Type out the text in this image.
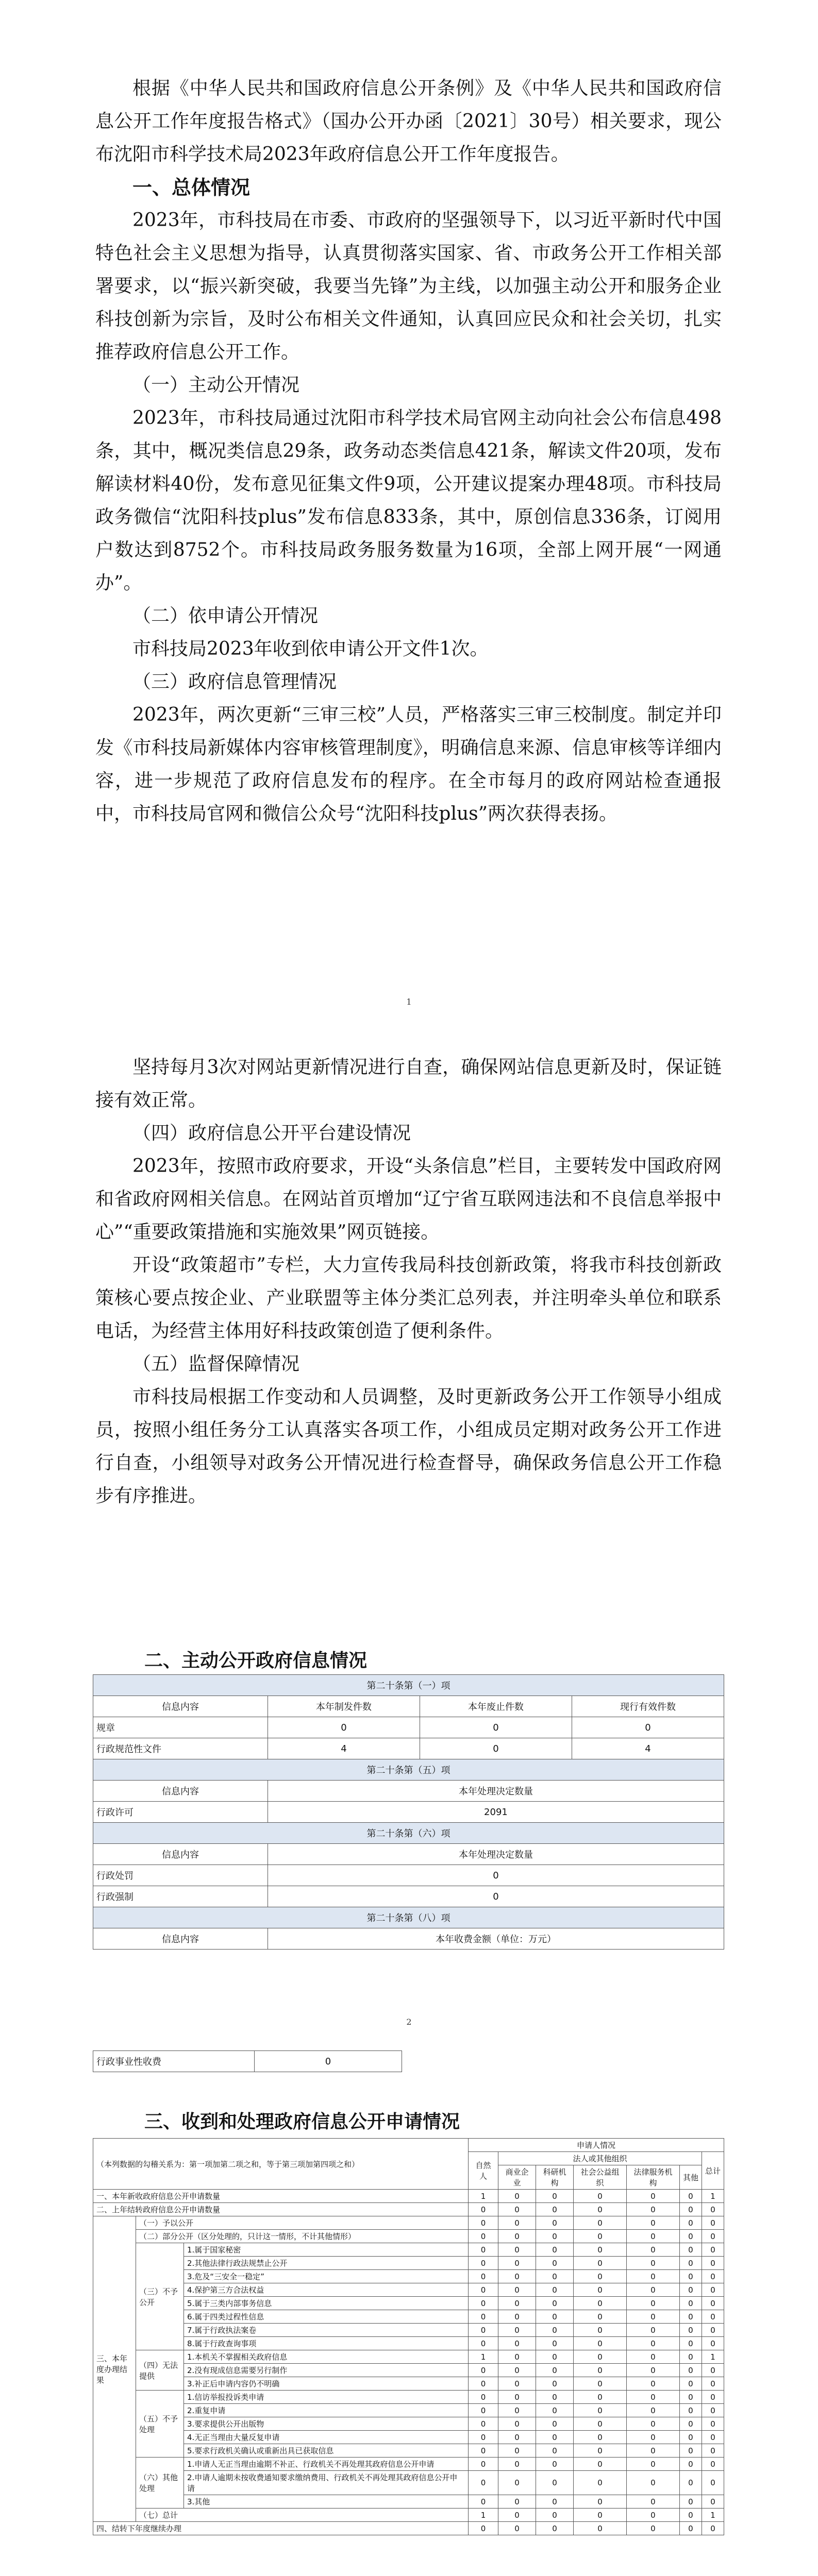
根据《中华人民共和国政府信息公开条例》及《中华人民共和国政府信息公开工作年度报告格式》（国办公开办函〔2021〕30号）相关要求，现公布沈阳市科学技术局2023年政府信息公开工作年度报告。

一、总体情况

2023年，市科技局在市委、市政府的坚强领导下，以习近平新时代中国特色社会主义思想为指导，认真贯彻落实国家、省、市政务公开工作相关部署要求，以“振兴新突破，我要当先锋”为主线，以加强主动公开和服务企业科技创新为宗旨，及时公布相关文件通知，认真回应民众和社会关切，扎实推荐政府信息公开工作。

（一）主动公开情况

2023年，市科技局通过沈阳市科学技术局官网主动向社会公布信息498条，其中，概况类信息29条，政务动态类信息421条，解读文件20项，发布解读材料40份，发布意见征集文件9项，公开建议提案办理48项。市科技局政务微信“沈阳科技plus”发布信息833条，其中，原创信息336条，订阅用户数达到8752个。市科技局政务服务数量为16项，全部上网开展“一网通办”。

（二）依申请公开情况

市科技局2023年收到依申请公开文件1次。

（三）政府信息管理情况

2023年，两次更新“三审三校”人员，严格落实三审三校制度。制定并印发《市科技局新媒体内容审核管理制度》，明确信息来源、信息审核等详细内容，进一步规范了政府信息发布的程序。在全市每月的政府网站检查通报中，市科技局官网和微信公众号“沈阳科技plus”两次获得表扬。

1

坚持每月3次对网站更新情况进行自查，确保网站信息更新及时，保证链接有效正常。

（四）政府信息公开平台建设情况

2023年，按照市政府要求，开设“头条信息”栏目，主要转发中国政府网和省政府网相关信息。在网站首页增加“辽宁省互联网违法和不良信息举报中心”“重要政策措施和实施效果”网页链接。

开设“政策超市”专栏，大力宣传我局科技创新政策，将我市科技创新政策核心要点按企业、产业联盟等主体分类汇总列表，并注明牵头单位和联系电话，为经营主体用好科技政策创造了便利条件。

（五）监督保障情况

市科技局根据工作变动和人员调整，及时更新政务公开工作领导小组成员，按照小组任务分工认真落实各项工作，小组成员定期对政务公开工作进行自查，小组领导对政务公开情况进行检查督导，确保政务信息公开工作稳步有序推进。

二、主动公开政府信息情况
第二十条第（一）项			
信息内容	本年制发件数	本年废止件数	现行有效件数
规章	0	0	0
行政规范性文件	4	0	4
第二十条第（五）项			
信息内容	本年处理决定数量		
行政许可	2091		
第二十条第（六）项			
信息内容	本年处理决定数量		
行政处罚	0		
行政强制	0		
第二十条第（八）项			
信息内容	本年收费金额（单位：万元）		
2
行政事业性收费	0
三、收到和处理政府信息公开申请情况
（本列数据的勾稽关系为：第一项加第二项之和，等于第三项加第四项之和）			申请人情况						
			自然人	法人或其他组织					总计
				商业企业	科研机构	社会公益组织	法律服务机构	其他	
一、本年新收政府信息公开申请数量			1	0	0	0	0	0	1
二、上年结转政府信息公开申请数量			0	0	0	0	0	0	0
三、本年度办理结果	（一）予以公开		0	0	0	0	0	0	0
	（二）部分公开（区分处理的，只计这一情形，不计其他情形）		0	0	0	0	0	0	0
	（三）不予公开	1.属于国家秘密	0	0	0	0	0	0	0
		2.其他法律行政法规禁止公开	0	0	0	0	0	0	0
		3.危及“三安全一稳定”	0	0	0	0	0	0	0
		4.保护第三方合法权益	0	0	0	0	0	0	0
		5.属于三类内部事务信息	0	0	0	0	0	0	0
		6.属于四类过程性信息	0	0	0	0	0	0	0
		7.属于行政执法案卷	0	0	0	0	0	0	0
		8.属于行政查询事项	0	0	0	0	0	0	0
	（四）无法提供	1.本机关不掌握相关政府信息	1	0	0	0	0	0	1
		2.没有现成信息需要另行制作	0	0	0	0	0	0	0
		3.补正后申请内容仍不明确	0	0	0	0	0	0	0
	（五）不予处理	1.信访举报投诉类申请	0	0	0	0	0	0	0
		2.重复申请	0	0	0	0	0	0	0
		3.要求提供公开出版物	0	0	0	0	0	0	0
		4.无正当理由大量反复申请	0	0	0	0	0	0	0
		5.要求行政机关确认或重新出具已获取信息	0	0	0	0	0	0	0
	（六）其他处理	1.申请人无正当理由逾期不补正、行政机关不再处理其政府信息公开申请	0	0	0	0	0	0	0
		2.申请人逾期未按收费通知要求缴纳费用、行政机关不再处理其政府信息公开申请	0	0	0	0	0	0	0
		3.其他	0	0	0	0	0	0	0
	（七）总计		1	0	0	0	0	0	1
四、结转下年度继续办理			0	0	0	0	0	0	0
